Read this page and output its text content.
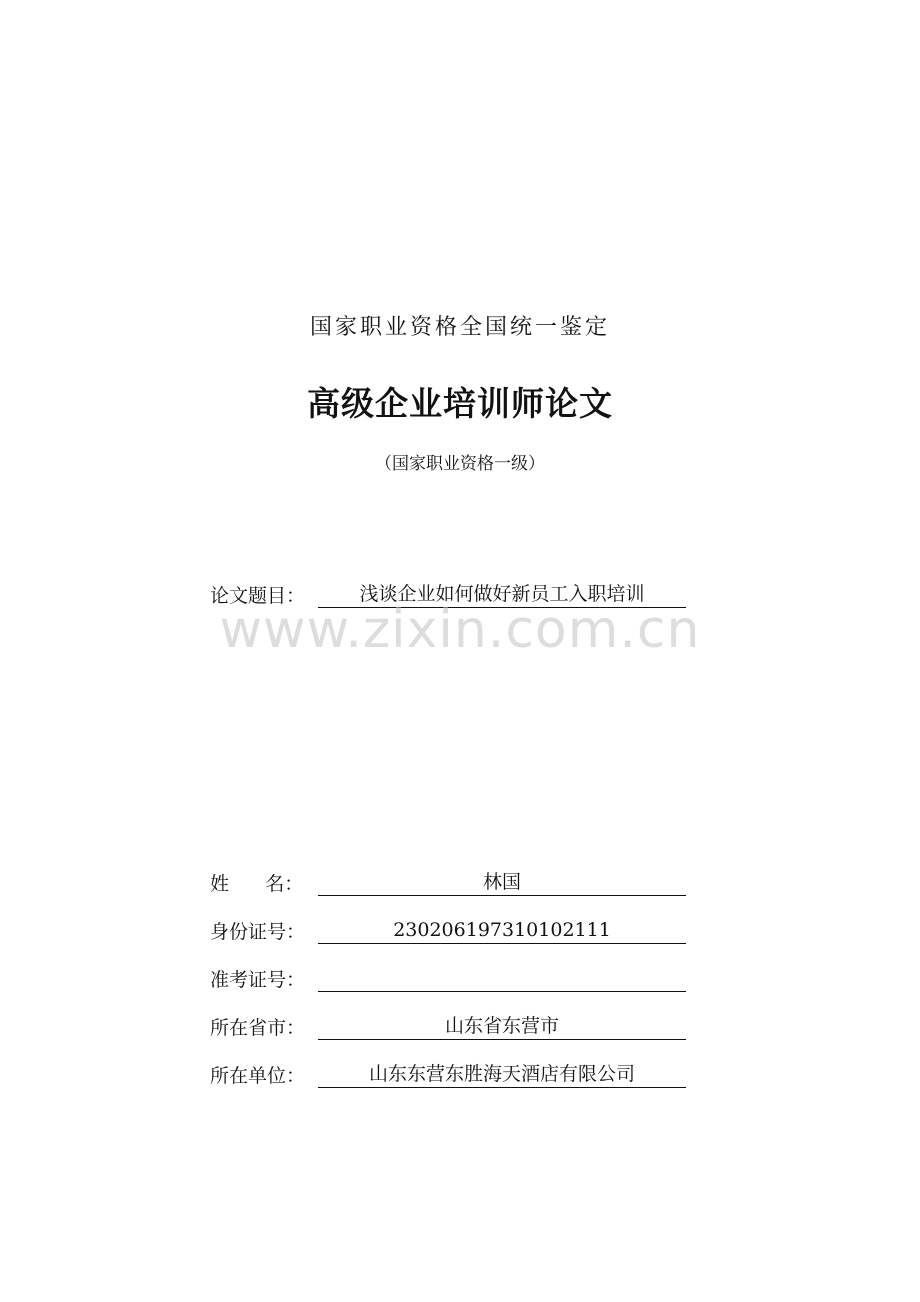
国家职业资格全国统一鉴定
高级企业培训师论文
（国家职业资格一级）
论文题目：	浅谈企业如何做好新员工入职培训
www.zixin.com.cn
姓      名：	林国
身份证号：	230206197310102111
准考证号：
所在省市：	山东省东营市
所在单位：	山东东营东胜海天酒店有限公司
